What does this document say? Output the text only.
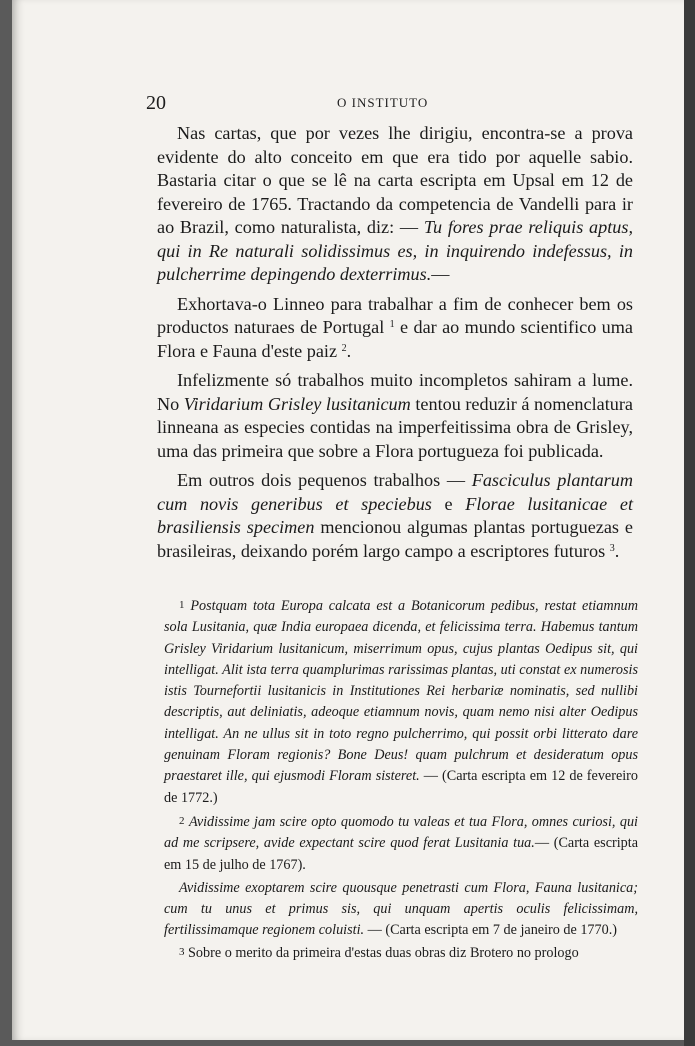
20	O INSTITUTO

Nas cartas, que por vezes lhe dirigiu, encontra-se a prova evidente do alto conceito em que era tido por aquelle sabio. Bastaria citar o que se lê na carta escripta em Upsal em 12 de fevereiro de 1765. Tractando da competencia de Vandelli para ir ao Brazil, como naturalista, diz: — Tu fores prae reliquis aptus, qui in Re naturali solidissimus es, in inquirendo indefessus, in pulcherrime depingendo dexterrimus.—

Exhortava-o Linneo para trabalhar a fim de conhecer bem os productos naturaes de Portugal $^1$ e dar ao mundo scientifico uma Flora e Fauna d'este paiz $^2$.

Infelizmente só trabalhos muito incompletos sahiram a lume. No Viridarium Grisley lusitanicum tentou reduzir á nomenclatura linneana as especies contidas na imperfeitissima obra de Grisley, uma das primeira que sobre a Flora portugueza foi publicada.

Em outros dois pequenos trabalhos — Fasciculus plantarum cum novis generibus et speciebus e Florae lusitanicae et brasiliensis specimen mencionou algumas plantas portuguezas e brasileiras, deixando porém largo campo a escriptores futuros $^3$.

$^1$ Postquam tota Europa calcata est a Botanicorum pedibus, restat etiamnum sola Lusitania, quæ India europaea dicenda, et felicissima terra. Habemus tantum Grisley Viridarium lusitanicum, miserrimum opus, cujus plantas Oedipus sit, qui intelligat. Alit ista terra quamplurimas rarissimas plantas, uti constat ex numerosis istis Tournefortii lusitanicis in Institutiones Rei herbariæ nominatis, sed nullibi descriptis, aut deliniatis, adeoque etiamnum novis, quam nemo nisi alter Oedipus intelligat. An ne ullus sit in toto regno pulcherrimo, qui possit orbi litterato dare genuinam Floram regionis? Bone Deus! quam pulchrum et desideratum opus praestaret ille, qui ejusmodi Floram sisteret. — (Carta escripta em 12 de fevereiro de 1772.)

$^2$ Avidissime jam scire opto quomodo tu valeas et tua Flora, omnes curiosi, qui ad me scripsere, avide expectant scire quod ferat Lusitania tua.— (Carta escripta em 15 de julho de 1767).

Avidissime exoptarem scire quousque penetrasti cum Flora, Fauna lusitanica; cum tu unus et primus sis, qui unquam apertis oculis felicissimam, fertilissimamque regionem coluisti. — (Carta escripta em 7 de janeiro de 1770.)

$^3$ Sobre o merito da primeira d'estas duas obras diz Brotero no prologo
